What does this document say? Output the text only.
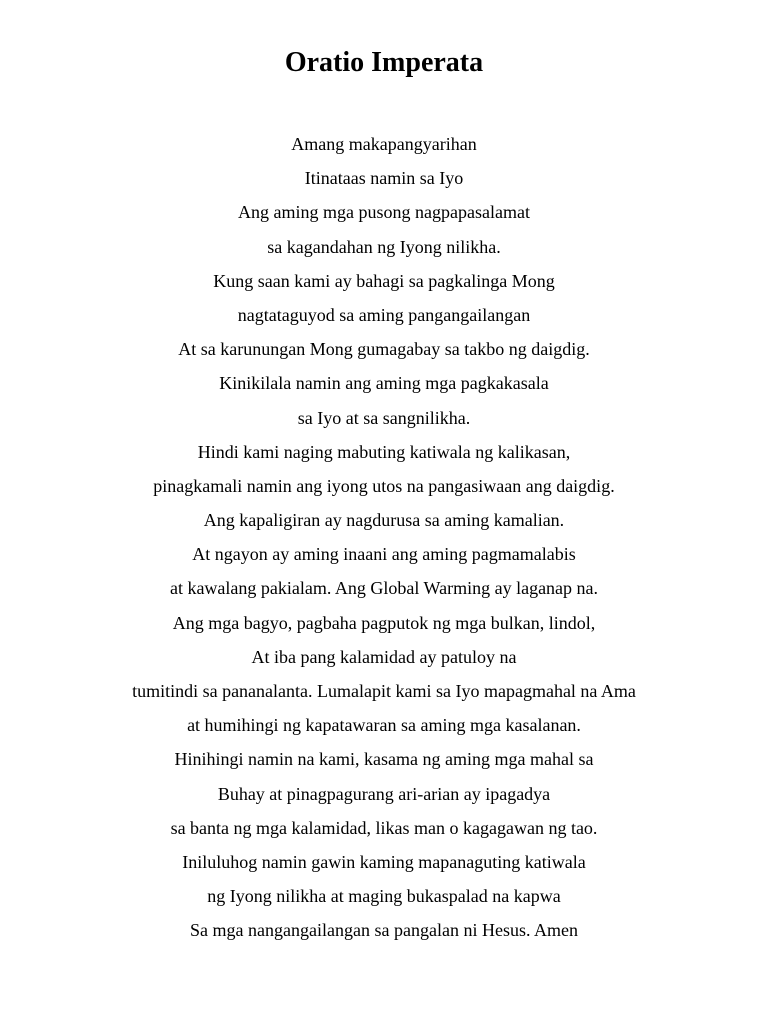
Oratio Imperata
Amang makapangyarihan
Itinataas namin sa Iyo
Ang aming mga pusong nagpapasalamat
sa kagandahan ng Iyong nilikha.
Kung saan kami ay bahagi sa pagkalinga Mong
nagtataguyod sa aming pangangailangan
At sa karunungan Mong gumagabay sa takbo ng daigdig.
Kinikilala namin ang aming mga pagkakasala
sa Iyo at sa sangnilikha.
Hindi kami naging mabuting katiwala ng kalikasan,
pinagkamali namin ang iyong utos na pangasiwaan ang daigdig.
Ang kapaligiran ay nagdurusa sa aming kamalian.
At ngayon ay aming inaani ang aming pagmamalabis
at kawalang pakialam. Ang Global Warming ay laganap na.
Ang mga bagyo, pagbaha pagputok ng mga bulkan, lindol,
At iba pang kalamidad ay patuloy na
tumitindi sa pananalanta. Lumalapit kami sa Iyo mapagmahal na Ama
at humihingi ng kapatawaran sa aming mga kasalanan.
Hinihingi namin na kami, kasama ng aming mga mahal sa
Buhay at pinagpagurang ari-arian ay ipagadya
sa banta ng mga kalamidad, likas man o kagagawan ng tao.
Iniluluhog namin gawin kaming mapanaguting katiwala
ng Iyong nilikha at maging bukaspalad na kapwa
Sa mga nangangailangan sa pangalan ni Hesus. Amen
